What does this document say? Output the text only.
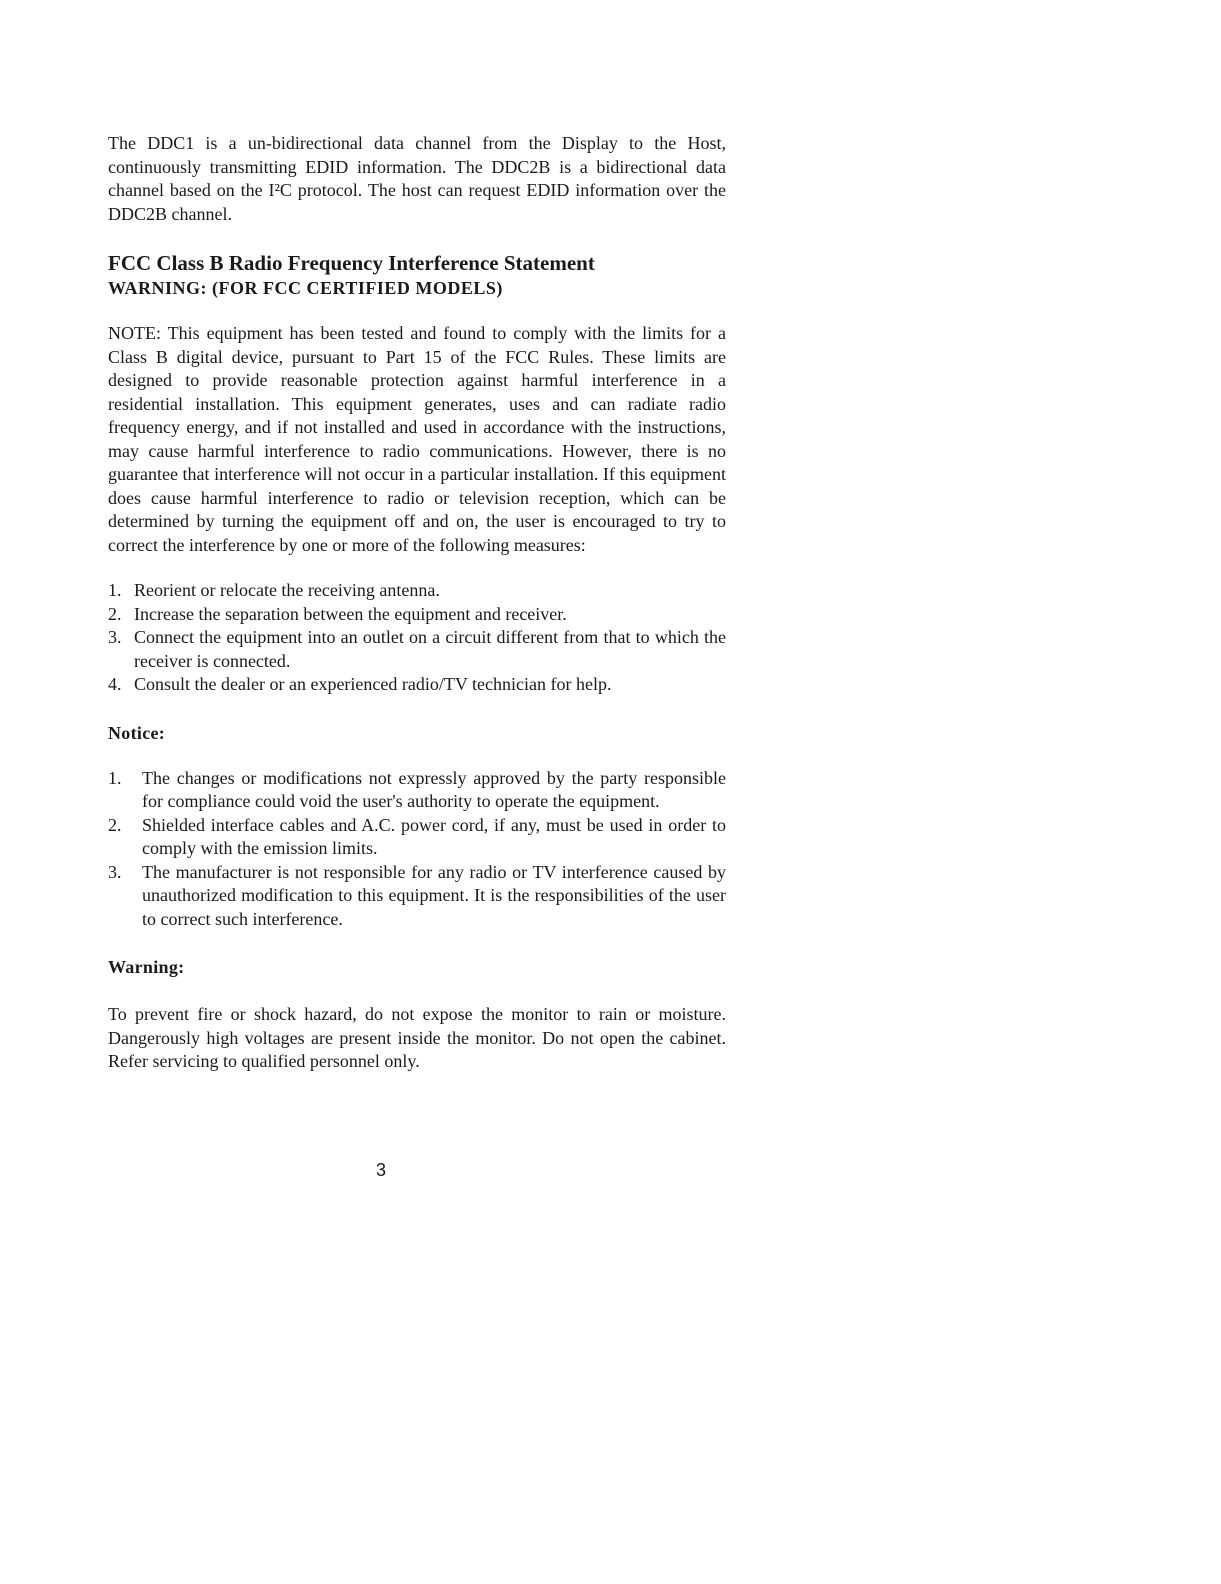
The DDC1 is a un-bidirectional data channel from the Display to the Host, continuously transmitting EDID information. The DDC2B is a bidirectional data channel based on the I²C protocol. The host can request EDID information over the DDC2B channel.

FCC Class B Radio Frequency Interference Statement
WARNING: (FOR FCC CERTIFIED MODELS)

NOTE: This equipment has been tested and found to comply with the limits for a Class B digital device, pursuant to Part 15 of the FCC Rules. These limits are designed to provide reasonable protection against harmful interference in a residential installation. This equipment generates, uses and can radiate radio frequency energy, and if not installed and used in accordance with the instructions, may cause harmful interference to radio communications. However, there is no guarantee that interference will not occur in a particular installation. If this equipment does cause harmful interference to radio or television reception, which can be determined by turning the equipment off and on, the user is encouraged to try to correct the interference by one or more of the following measures:

1. Reorient or relocate the receiving antenna.
2. Increase the separation between the equipment and receiver.
3. Connect the equipment into an outlet on a circuit different from that to which the receiver is connected.
4. Consult the dealer or an experienced radio/TV technician for help.
Notice:
1. The changes or modifications not expressly approved by the party responsible for compliance could void the user's authority to operate the equipment.
2. Shielded interface cables and A.C. power cord, if any, must be used in order to comply with the emission limits.
3. The manufacturer is not responsible for any radio or TV interference caused by unauthorized modification to this equipment. It is the responsibilities of the user to correct such interference.
Warning:

To prevent fire or shock hazard, do not expose the monitor to rain or moisture. Dangerously high voltages are present inside the monitor. Do not open the cabinet. Refer servicing to qualified personnel only.

3
